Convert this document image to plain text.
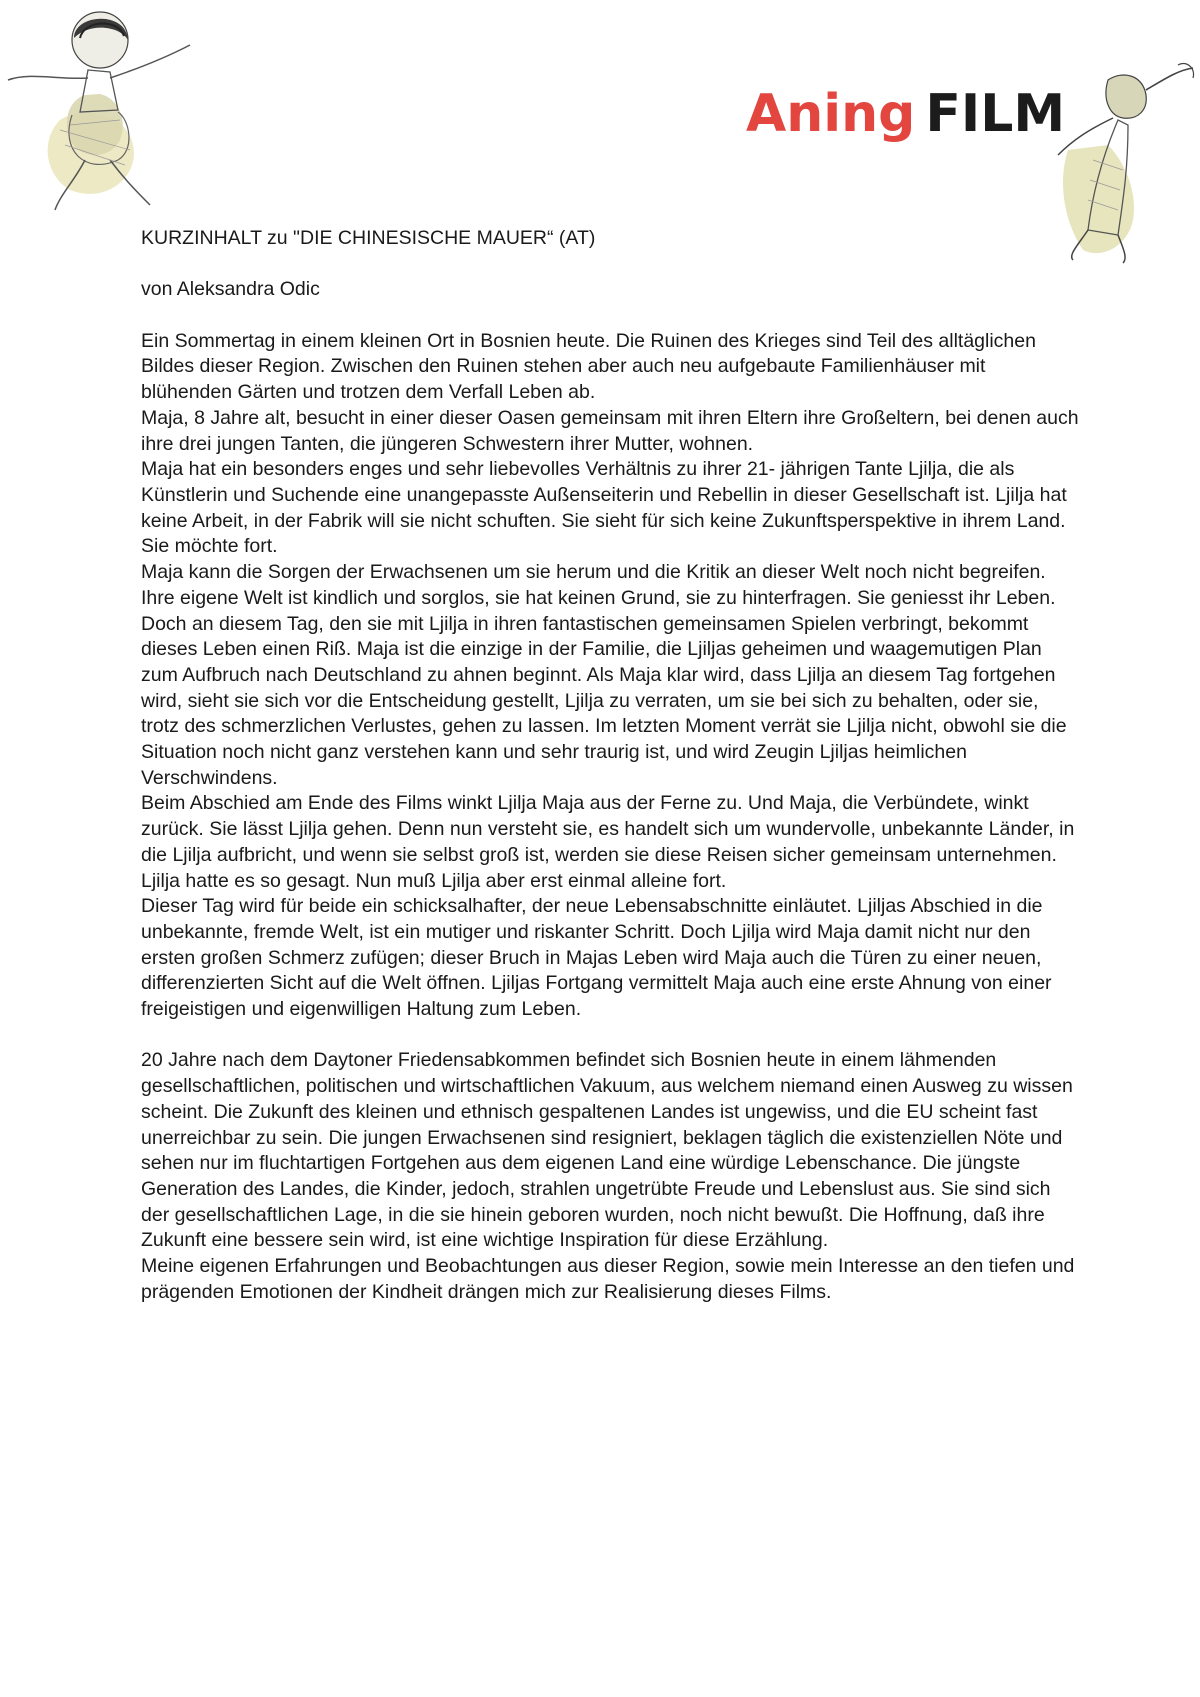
Aning FILM

KURZINHALT zu "DIE CHINESISCHE MAUER“ (AT)

von Aleksandra Odic

Ein Sommertag in einem kleinen Ort in Bosnien heute. Die Ruinen des Krieges sind Teil des alltäglichen Bildes dieser Region. Zwischen den Ruinen stehen aber auch neu aufgebaute Familienhäuser mit blühenden Gärten und trotzen dem Verfall Leben ab.

Maja, 8 Jahre alt, besucht in einer dieser Oasen gemeinsam mit ihren Eltern ihre Großeltern, bei denen auch ihre drei jungen Tanten, die jüngeren Schwestern ihrer Mutter, wohnen.

Maja hat ein besonders enges und sehr liebevolles Verhältnis zu ihrer 21- jährigen Tante Ljilja, die als Künstlerin und Suchende eine unangepasste Außenseiterin und Rebellin in dieser Gesellschaft ist. Ljilja hat keine Arbeit, in der Fabrik will sie nicht schuften. Sie sieht für sich keine Zukunftsperspektive in ihrem Land. Sie möchte fort.

Maja kann die Sorgen der Erwachsenen um sie herum und die Kritik an dieser Welt noch nicht begreifen. Ihre eigene Welt ist kindlich und sorglos, sie hat keinen Grund, sie zu hinterfragen. Sie geniesst ihr Leben. Doch an diesem Tag, den sie mit Ljilja in ihren fantastischen gemeinsamen Spielen verbringt, bekommt dieses Leben einen Riß. Maja ist die einzige in der Familie, die Ljiljas geheimen und waagemutigen Plan zum Aufbruch nach Deutschland zu ahnen beginnt. Als Maja klar wird, dass Ljilja an diesem Tag fortgehen wird, sieht sie sich vor die Entscheidung gestellt, Ljilja zu verraten, um sie bei sich zu behalten, oder sie, trotz des schmerzlichen Verlustes, gehen zu lassen. Im letzten Moment verrät sie Ljilja nicht, obwohl sie die Situation noch nicht ganz verstehen kann und sehr traurig ist, und wird Zeugin Ljiljas heimlichen Verschwindens.

Beim Abschied am Ende des Films winkt Ljilja Maja aus der Ferne zu. Und Maja, die Verbündete, winkt zurück. Sie lässt Ljilja gehen. Denn nun versteht sie, es handelt sich um wundervolle, unbekannte Länder, in die Ljilja aufbricht, und wenn sie selbst groß ist, werden sie diese Reisen sicher gemeinsam unternehmen. Ljilja hatte es so gesagt. Nun muß Ljilja aber erst einmal alleine fort.

Dieser Tag wird für beide ein schicksalhafter, der neue Lebensabschnitte einläutet. Ljiljas Abschied in die unbekannte, fremde Welt, ist ein mutiger und riskanter Schritt. Doch Ljilja wird Maja damit nicht nur den ersten großen Schmerz zufügen; dieser Bruch in Majas Leben wird Maja auch die Türen zu einer neuen, differenzierten Sicht auf die Welt öffnen. Ljiljas Fortgang vermittelt Maja auch eine erste Ahnung von einer freigeistigen und eigenwilligen Haltung zum Leben.

20 Jahre nach dem Daytoner Friedensabkommen befindet sich Bosnien heute in einem lähmenden gesellschaftlichen, politischen und wirtschaftlichen Vakuum, aus welchem niemand einen Ausweg zu wissen scheint. Die Zukunft des kleinen und ethnisch gespaltenen Landes ist ungewiss, und die EU scheint fast unerreichbar zu sein. Die jungen Erwachsenen sind resigniert, beklagen täglich die existenziellen Nöte und sehen nur im fluchtartigen Fortgehen aus dem eigenen Land eine würdige Lebenschance. Die jüngste Generation des Landes, die Kinder, jedoch, strahlen ungetrübte Freude und Lebenslust aus. Sie sind sich der gesellschaftlichen Lage, in die sie hinein geboren wurden, noch nicht bewußt. Die Hoffnung, daß ihre Zukunft eine bessere sein wird, ist eine wichtige Inspiration für diese Erzählung.

Meine eigenen Erfahrungen und Beobachtungen aus dieser Region, sowie mein Interesse an den tiefen und prägenden Emotionen der Kindheit drängen mich zur Realisierung dieses Films.
